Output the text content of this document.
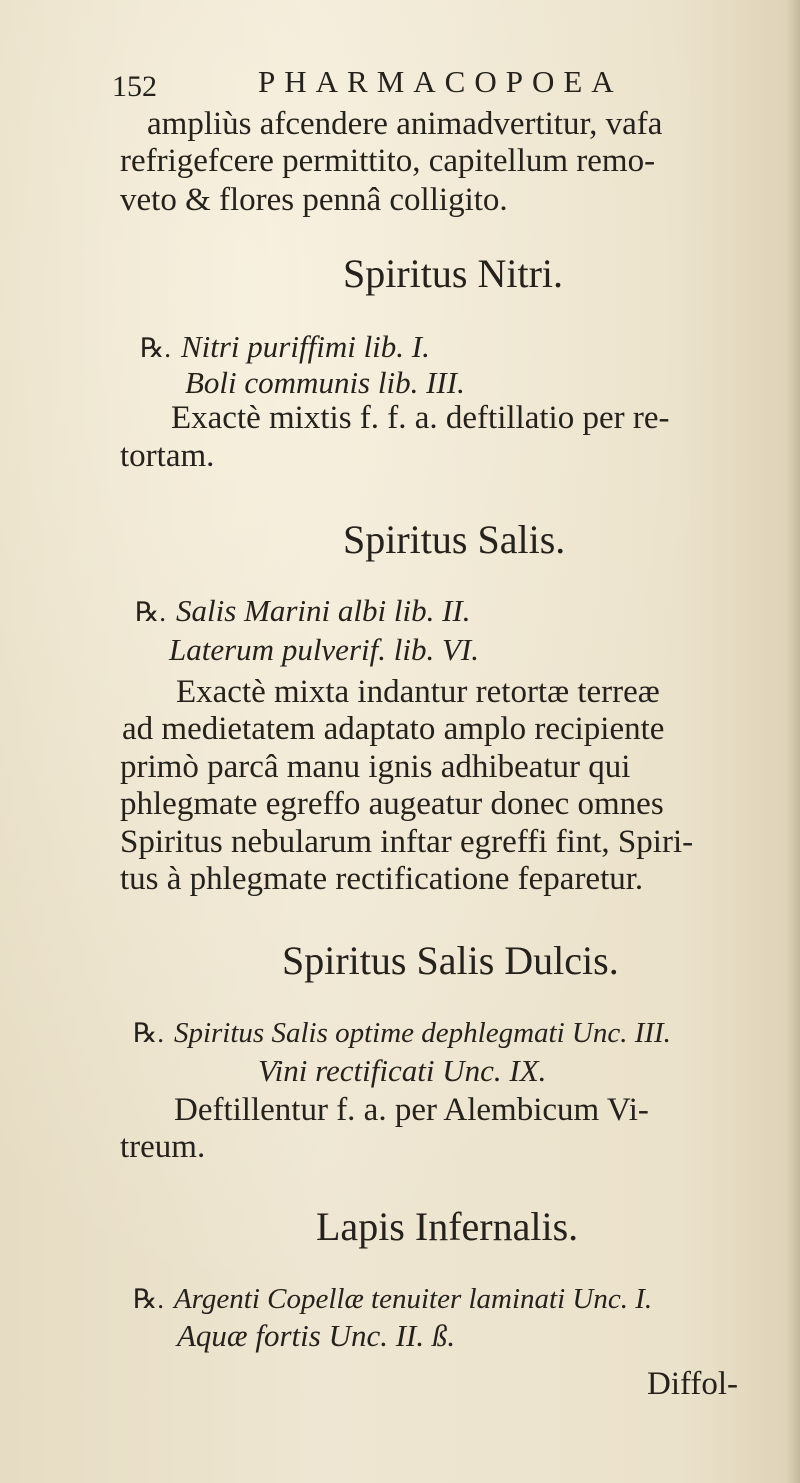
152	PHARMACOPOEA
ampliùs afcendere animadvertitur, vafa
refrigefcere permittito, capitellum remo-
veto & flores pennâ colligito.
Spiritus Nitri.
℞. Nitri puriffimi lib. I.
Boli communis lib. III.
Exactè mixtis f. f. a. deftillatio per re-
tortam.
Spiritus Salis.
℞. Salis Marini albi lib. II.
Laterum pulverif. lib. VI.
Exactè mixta indantur retortæ terreæ
ad medietatem adaptato amplo recipiente
primò parcâ manu ignis adhibeatur qui
phlegmate egreffo augeatur donec omnes
Spiritus nebularum inftar egreffi fint, Spiri-
tus à phlegmate rectificatione feparetur.
Spiritus Salis Dulcis.
℞. Spiritus Salis optime dephlegmati Unc. III.
Vini rectificati Unc. IX.
Deftillentur f. a. per Alembicum Vi-
treum.
Lapis Infernalis.
℞. Argenti Copellæ tenuiter laminati Unc. I.
Aquæ fortis Unc. II. ß.
Diffol-
